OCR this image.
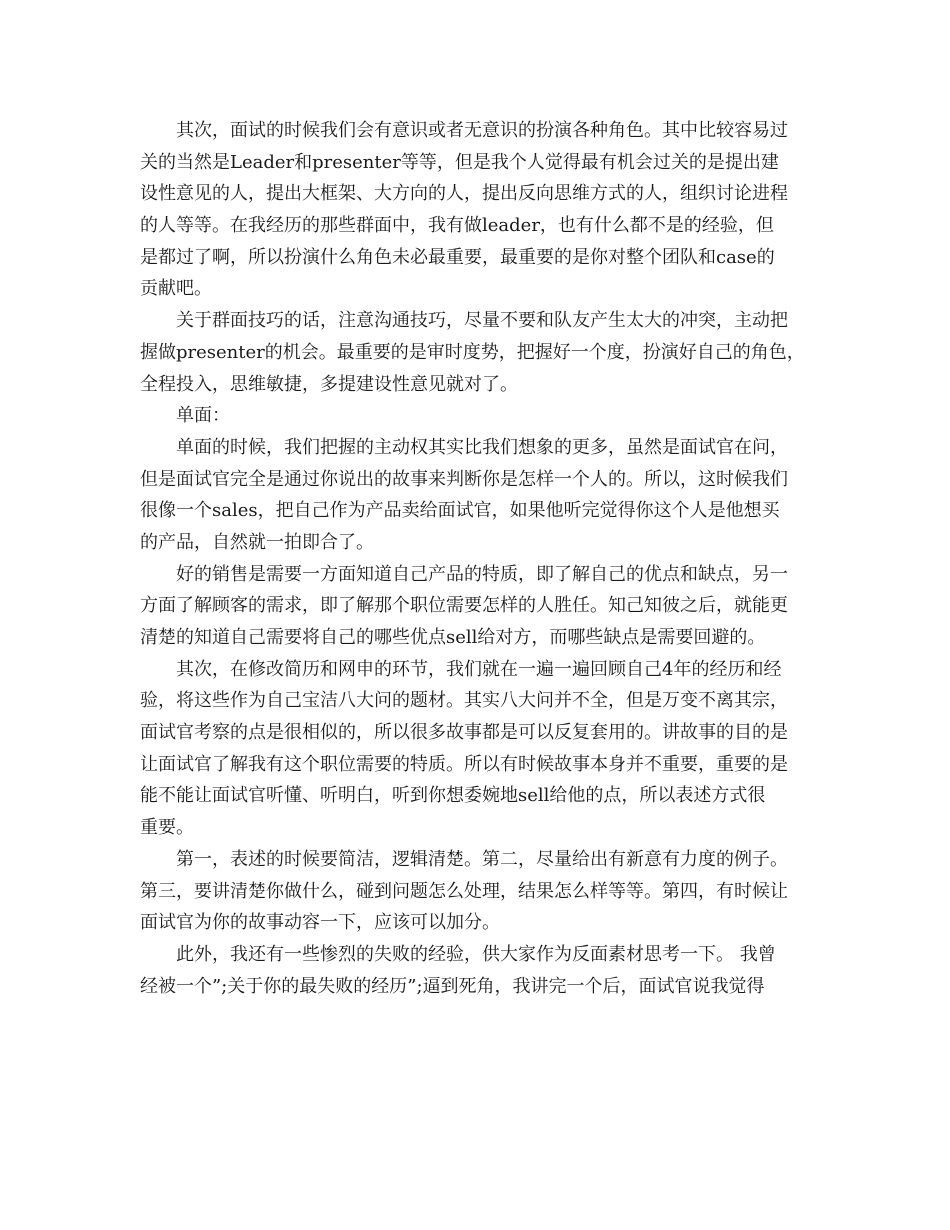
其次，面试的时候我们会有意识或者无意识的扮演各种角色。其中比较容易过
关的当然是Leader和presenter等等，但是我个人觉得最有机会过关的是提出建
设性意见的人，提出大框架、大方向的人，提出反向思维方式的人，组织讨论进程
的人等等。在我经历的那些群面中，我有做leader，也有什么都不是的经验，但
是都过了啊，所以扮演什么角色未必最重要，最重要的是你对整个团队和case的
贡献吧。
关于群面技巧的话，注意沟通技巧，尽量不要和队友产生太大的冲突，主动把
握做presenter的机会。最重要的是审时度势，把握好一个度，扮演好自己的角色，
全程投入，思维敏捷，多提建设性意见就对了。
单面：
单面的时候，我们把握的主动权其实比我们想象的更多，虽然是面试官在问，
但是面试官完全是通过你说出的故事来判断你是怎样一个人的。所以，这时候我们
很像一个sales，把自己作为产品卖给面试官，如果他听完觉得你这个人是他想买
的产品，自然就一拍即合了。
好的销售是需要一方面知道自己产品的特质，即了解自己的优点和缺点，另一
方面了解顾客的需求，即了解那个职位需要怎样的人胜任。知己知彼之后，就能更
清楚的知道自己需要将自己的哪些优点sell给对方，而哪些缺点是需要回避的。
其次，在修改简历和网申的环节，我们就在一遍一遍回顾自己4年的经历和经
验，将这些作为自己宝洁八大问的题材。其实八大问并不全，但是万变不离其宗，
面试官考察的点是很相似的，所以很多故事都是可以反复套用的。讲故事的目的是
让面试官了解我有这个职位需要的特质。所以有时候故事本身并不重要，重要的是
能不能让面试官听懂、听明白，听到你想委婉地sell给他的点，所以表述方式很
重要。
第一，表述的时候要简洁，逻辑清楚。第二，尽量给出有新意有力度的例子。
第三，要讲清楚你做什么，碰到问题怎么处理，结果怎么样等等。第四，有时候让
面试官为你的故事动容一下，应该可以加分。
此外，我还有一些惨烈的失败的经验，供大家作为反面素材思考一下。 我曾
经被一个”;关于你的最失败的经历”;逼到死角，我讲完一个后，面试官说我觉得
